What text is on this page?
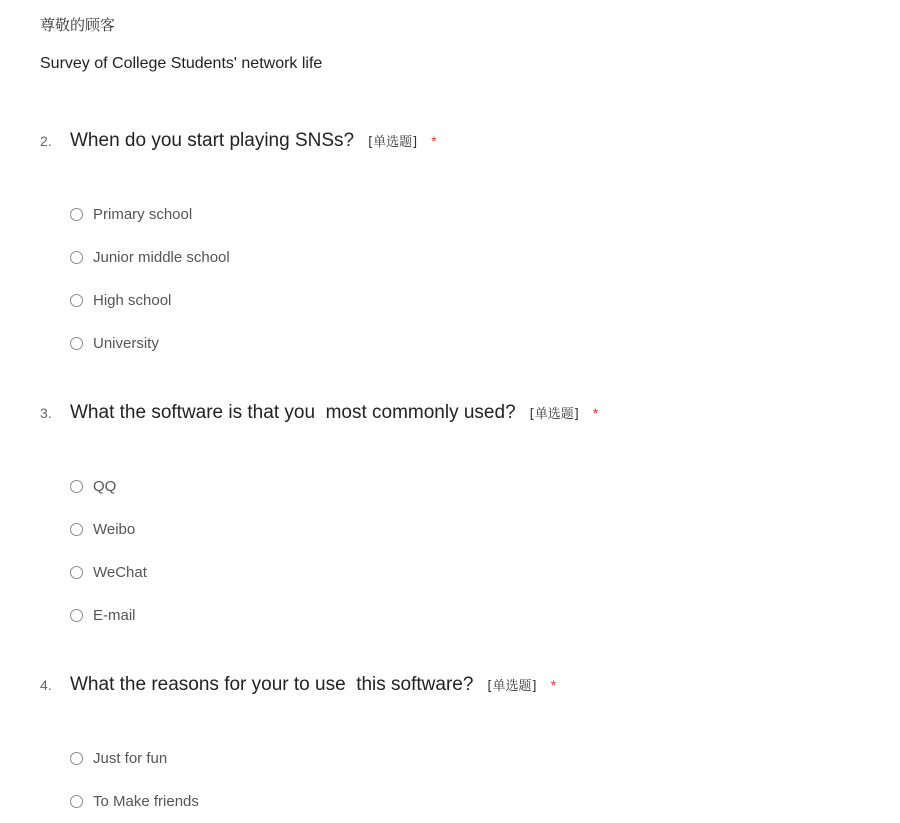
尊敬的顾客
Survey of College Students' network life
2. When do you start playing SNSs? [单选题] *
Primary school
Junior middle school
High school
University
3. What the software is that you  most commonly used? [单选题] *
QQ
Weibo
WeChat
E-mail
4. What the reasons for your to use  this software? [单选题] *
Just for fun
To Make friends
